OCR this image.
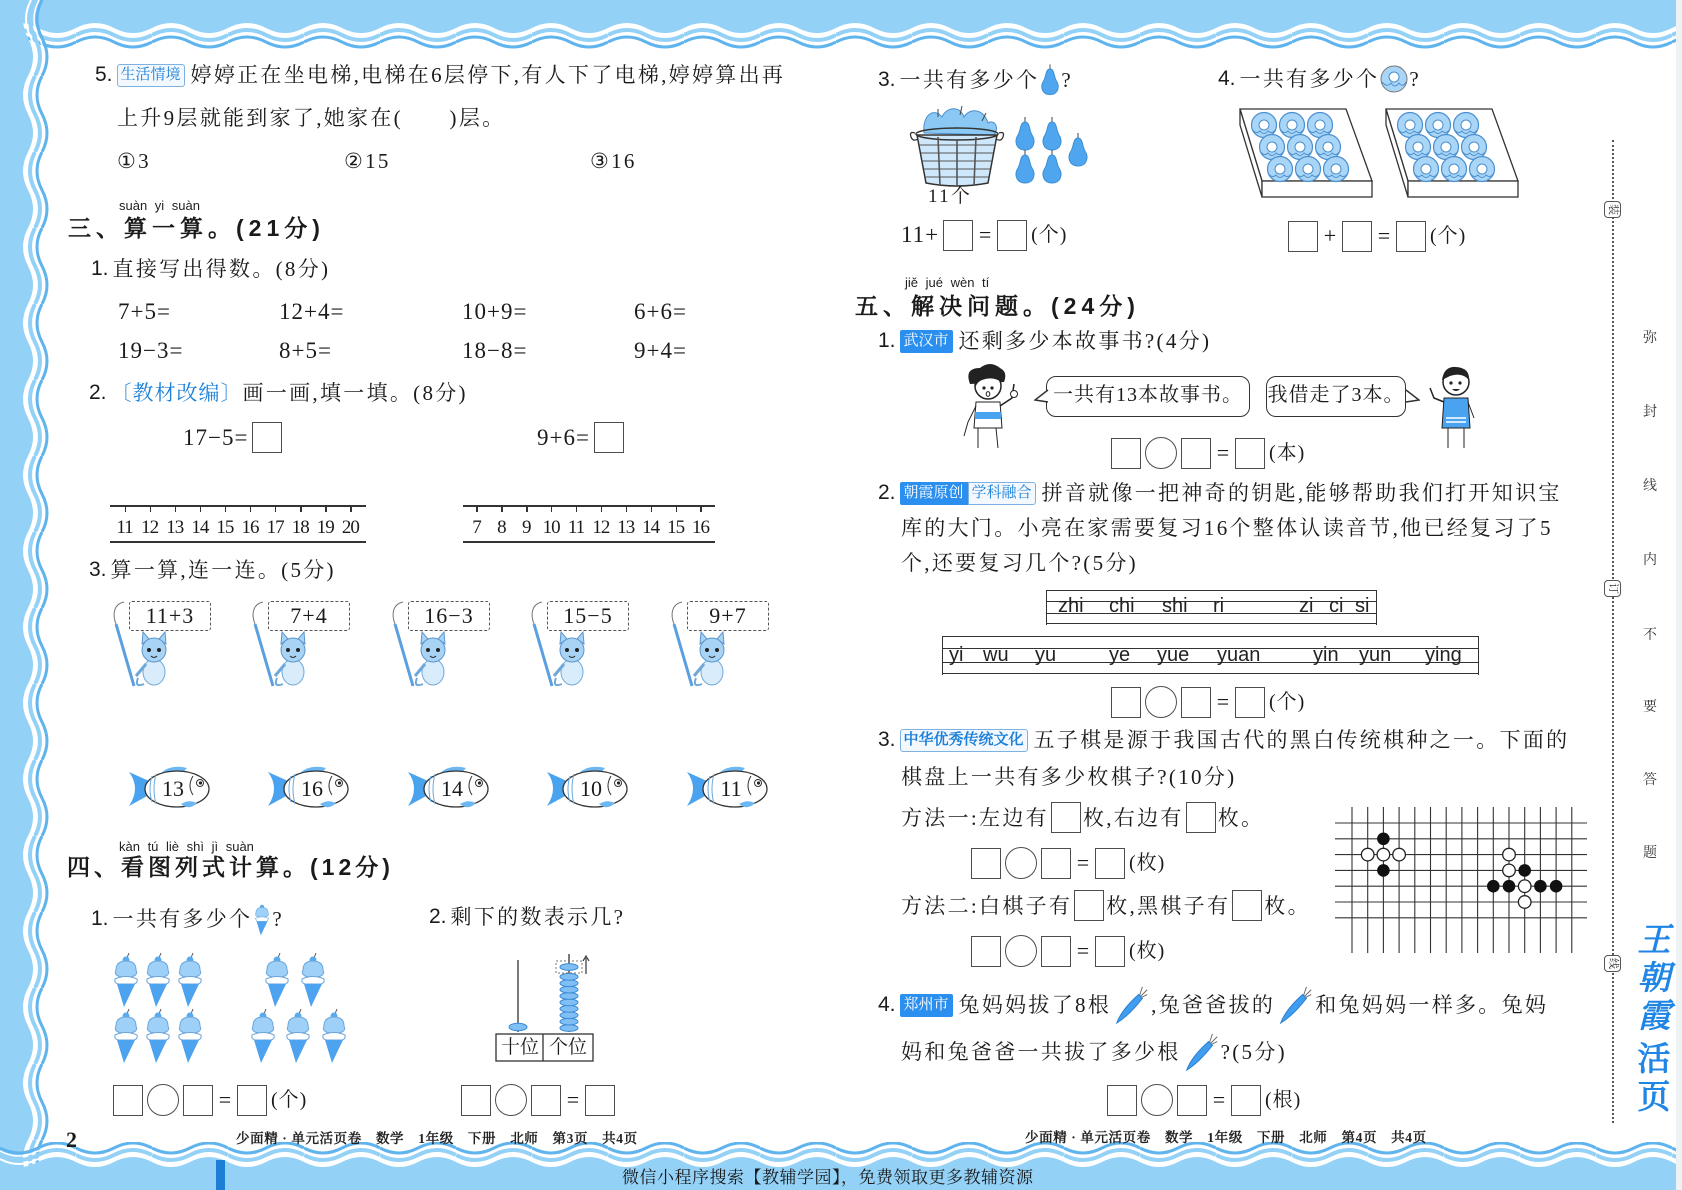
5. 生活情境 婷婷正在坐电梯,电梯在6层停下,有人下了电梯,婷婷算出再
上升9层就能到家了,她家在(　　)层。
①3	②15	③16
suàn yi suàn
三、算一算。(21分)
1. 直接写出得数。(8分)
7+5=	12+4=	10+9=	6+6=
19−3=	8+5=	18−8=	9+4=
2. 〔教材改编〕 画一画,填一填。(8分)
17−5=	9+6=
11 12 13 14 15 16 17 18 19 20	7 8 9 10 11 12 13 14 15 16
3. 算一算,连一连。(5分)
11+3	7+4	16−3	15−5	9+7
13	16	14	10	11
kàn tú liè shì jì suàn
四、看图列式计算。(12分)
1. 一共有多少个 ?	2. 剩下的数表示几?
十位 个位
= (个)	=
2	少面精 · 单元活页卷　数学　1年级　下册　北师　第3页　共4页
3. 一共有多少个 ?	4. 一共有多少个 ?
11个
11+ = (个)	+ = (个)
jiě jué wèn tí
五、解决问题。(24分)
1. 武汉市 还剩多少本故事书?(4分)
一共有13本故事书。	我借走了3本。
= (本)
2. 朝霞原创 学科融合 拼音就像一把神奇的钥匙,能够帮助我们打开知识宝
库的大门。小亮在家需要复习16个整体认读音节,他已经复习了5
个,还要复习几个?(5分)
zhi chi shi ri	zi ci si
yi wu yu	ye yue yuan	yin yun ying
= (个)
3. 中华优秀传统文化 五子棋是源于我国古代的黑白传统棋种之一。下面的
棋盘上一共有多少枚棋子?(10分)
方法一:左边有 枚,右边有 枚。
= (枚)
方法二:白棋子有 枚,黑棋子有 枚。
= (枚)
4. 郑州市 兔妈妈拔了8根 ,兔爸爸拔的 和兔妈妈一样多。兔妈
妈和兔爸爸一共拔了多少根 ?(5分)
= (根)
少面精 · 单元活页卷　数学　1年级　下册　北师　第4页　共4页
装
订
线
弥
封
线
内
不
要
答
题
王
朝
霞
活
页
微信小程序搜索【教辅学园】，免费领取更多教辅资源
